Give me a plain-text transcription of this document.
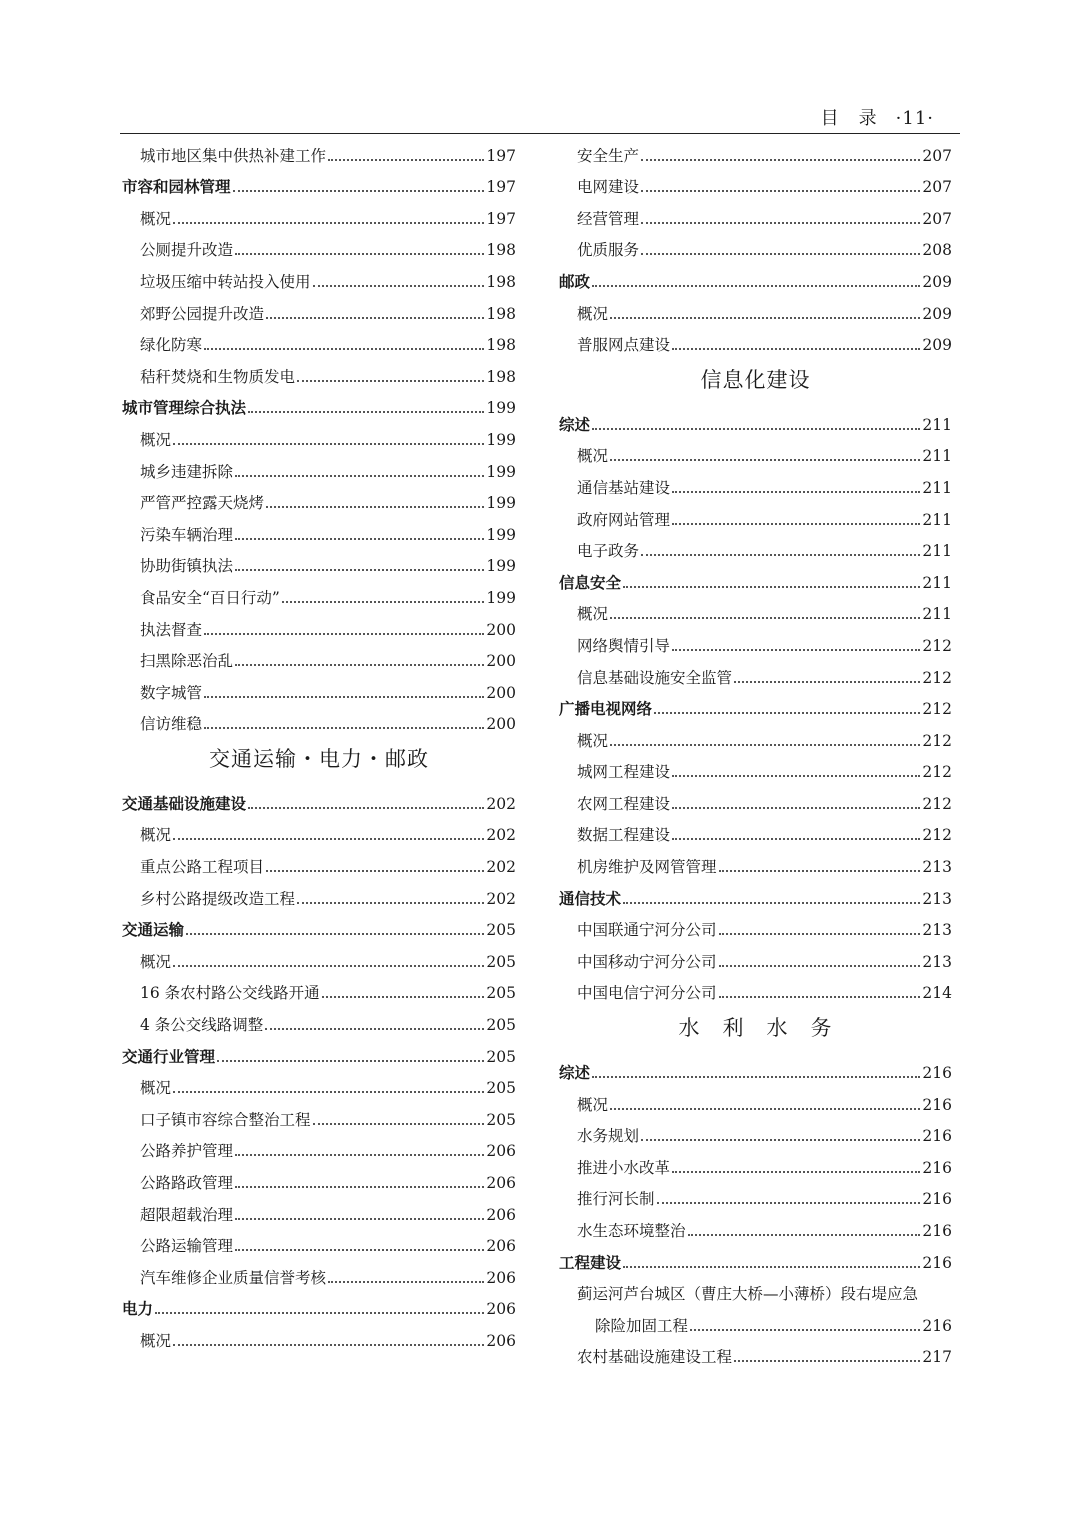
目　录 ·11·
城市地区集中供热补建工作	197
市容和园林管理	197
概况	197
公厕提升改造	198
垃圾压缩中转站投入使用	198
郊野公园提升改造	198
绿化防寒	198
秸秆焚烧和生物质发电	198
城市管理综合执法	199
概况	199
城乡违建拆除	199
严管严控露天烧烤	199
污染车辆治理	199
协助街镇执法	199
食品安全“百日行动”	199
执法督查	200
扫黑除恶治乱	200
数字城管	200
信访维稳	200
交通运输・电力・邮政
交通基础设施建设	202
概况	202
重点公路工程项目	202
乡村公路提级改造工程	202
交通运输	205
概况	205
16 条农村路公交线路开通	205
4 条公交线路调整	205
交通行业管理	205
概况	205
口子镇市容综合整治工程	205
公路养护管理	206
公路路政管理	206
超限超载治理	206
公路运输管理	206
汽车维修企业质量信誉考核	206
电力	206
概况	206
安全生产	207
电网建设	207
经营管理	207
优质服务	208
邮政	209
概况	209
普服网点建设	209
信息化建设
综述	211
概况	211
通信基站建设	211
政府网站管理	211
电子政务	211
信息安全	211
概况	211
网络舆情引导	212
信息基础设施安全监管	212
广播电视网络	212
概况	212
城网工程建设	212
农网工程建设	212
数据工程建设	212
机房维护及网管管理	213
通信技术	213
中国联通宁河分公司	213
中国移动宁河分公司	213
中国电信宁河分公司	214
水　利　水　务
综述	216
概况	216
水务规划	216
推进小水改革	216
推行河长制	216
水生态环境整治	216
工程建设	216
蓟运河芦台城区（曹庄大桥—小薄桥）段右堤应急
除险加固工程	216
农村基础设施建设工程	217
